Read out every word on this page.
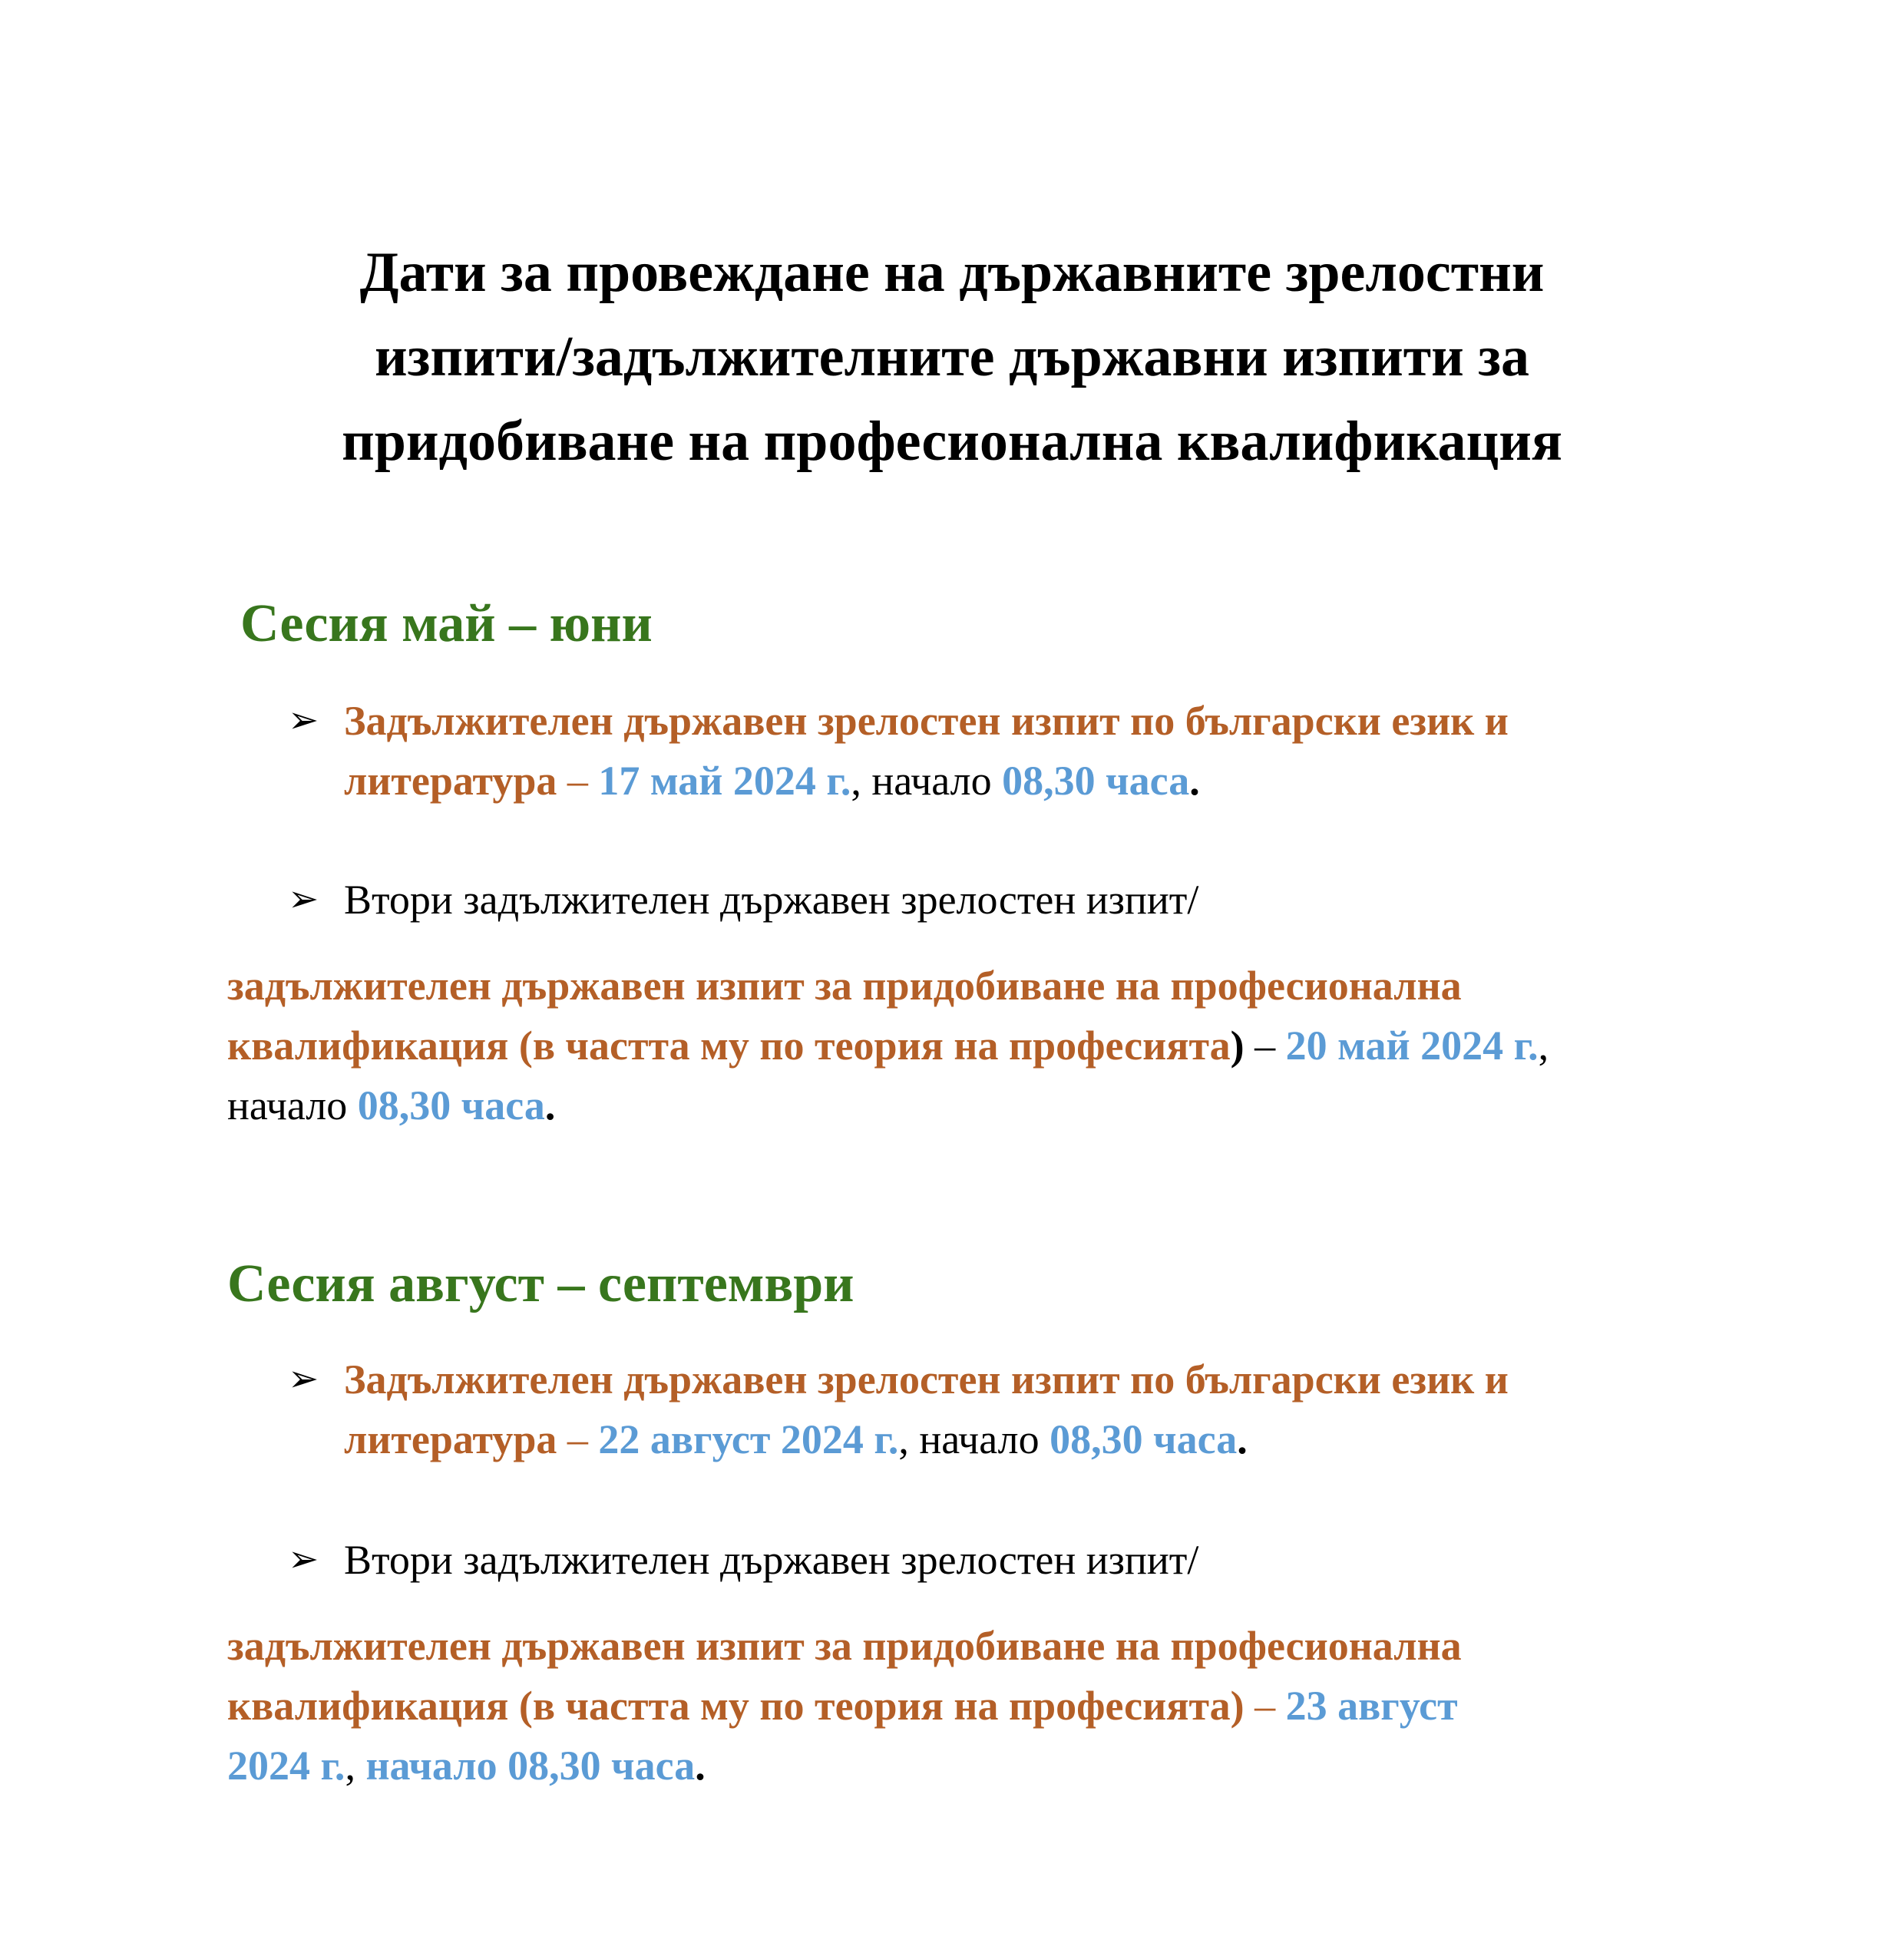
Дати за провеждане на държавните зрелостни
изпити/задължителните държавни изпити за
придобиване на професионална квалификация
Сесия май – юни
➢ Задължителен държавен зрелостен изпит по български език и
литература – 17 май 2024 г., начало 08,30 часа.
➢ Втори задължителен държавен зрелостен изпит/
задължителен държавен изпит за придобиване на професионална
квалификация (в частта му по теория на професията) – 20 май 2024 г.,
начало 08,30 часа.
Сесия август – септември
➢ Задължителен държавен зрелостен изпит по български език и
литература – 22 август 2024 г., начало 08,30 часа.
➢ Втори задължителен държавен зрелостен изпит/
задължителен държавен изпит за придобиване на професионална
квалификация (в частта му по теория на професията) – 23 август
2024 г., начало 08,30 часа.
